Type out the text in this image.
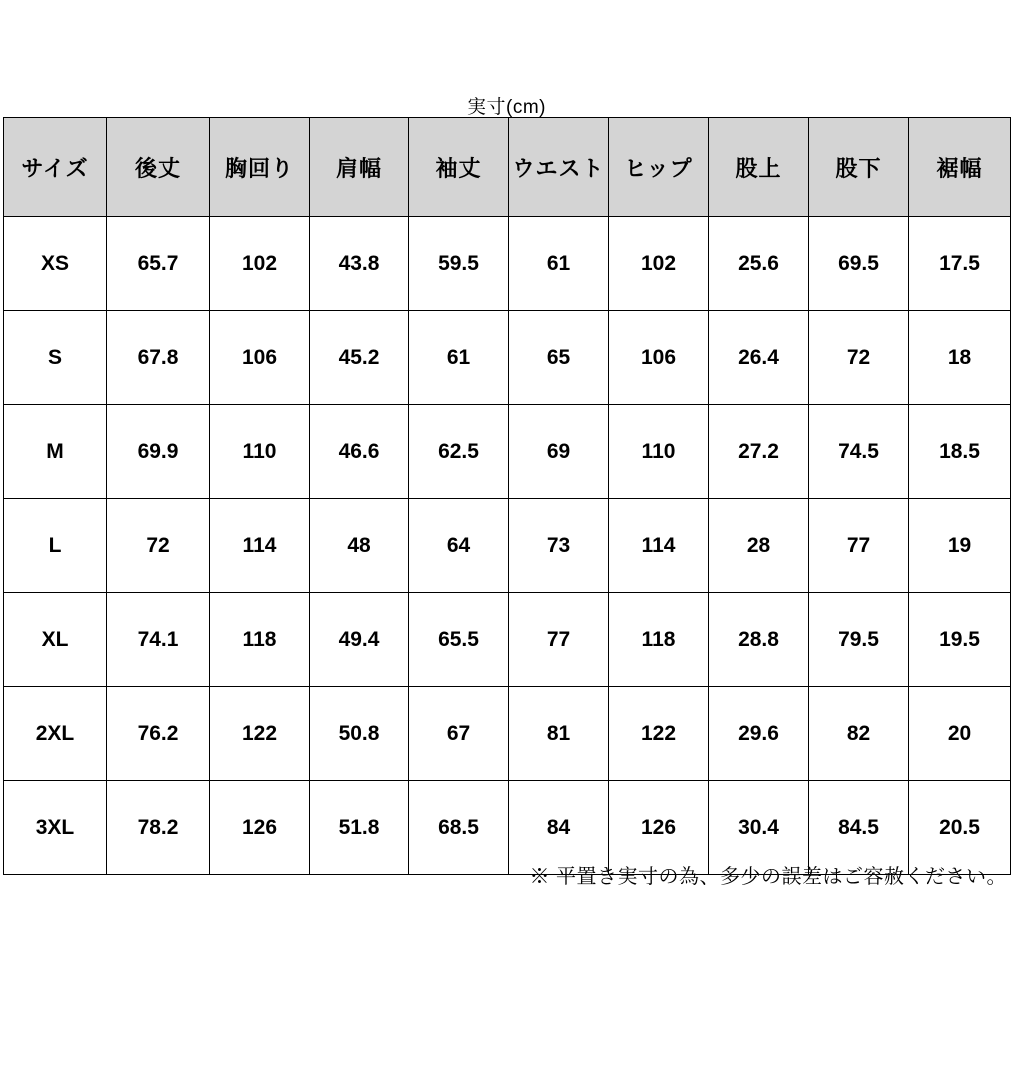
実寸(cm)
サイズ	後丈	胸回り	肩幅	袖丈	ウエスト	ヒップ	股上	股下	裾幅
XS	65.7	102	43.8	59.5	61	102	25.6	69.5	17.5
S	67.8	106	45.2	61	65	106	26.4	72	18
M	69.9	110	46.6	62.5	69	110	27.2	74.5	18.5
L	72	114	48	64	73	114	28	77	19
XL	74.1	118	49.4	65.5	77	118	28.8	79.5	19.5
2XL	76.2	122	50.8	67	81	122	29.6	82	20
3XL	78.2	126	51.8	68.5	84	126	30.4	84.5	20.5
※ 平置き実寸の為、多少の誤差はご容赦ください。
